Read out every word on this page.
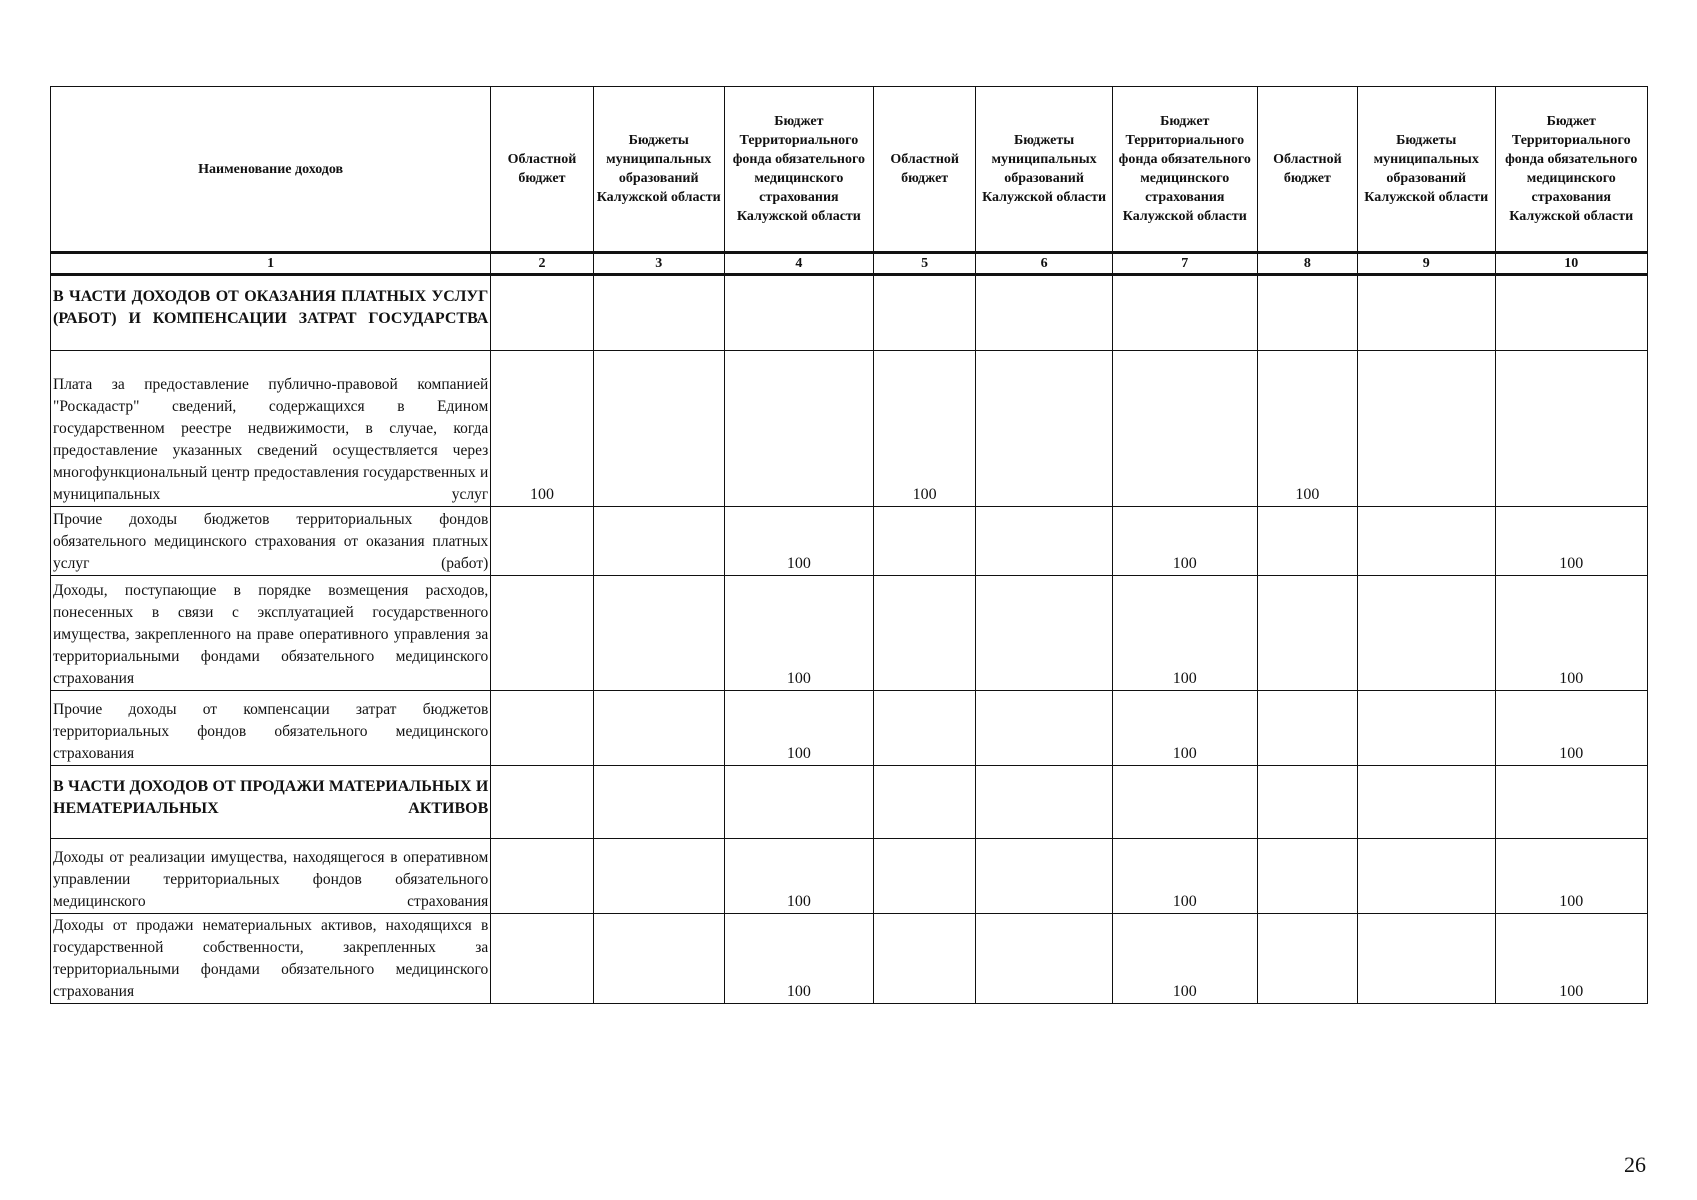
Наименование доходов	Областной бюджет	Бюджеты муниципальных образований Калужской области	Бюджет Территориального фонда обязательного медицинского страхования Калужской области	Областной бюджет	Бюджеты муниципальных образований Калужской области	Бюджет Территориального фонда обязательного медицинского страхования Калужской области	Областной бюджет	Бюджеты муниципальных образований Калужской области	Бюджет Территориального фонда обязательного медицинского страхования Калужской области
1	2	3	4	5	6	7	8	9	10
В ЧАСТИ ДОХОДОВ ОТ ОКАЗАНИЯ ПЛАТНЫХ УСЛУГ (РАБОТ) И КОМПЕНСАЦИИ ЗАТРАТ ГОСУДАРСТВА									
Плата за предоставление публично-правовой компанией "Роскадастр" сведений, содержащихся в Едином государственном реестре недвижимости, в случае, когда предоставление указанных сведений осуществляется через многофункциональный центр предоставления государственных и муниципальных услуг	100			100			100		
Прочие доходы бюджетов территориальных фондов обязательного медицинского страхования от оказания платных услуг (работ)			100			100			100
Доходы, поступающие в порядке возмещения расходов, понесенных в связи с эксплуатацией государственного имущества, закрепленного на праве оперативного управления за территориальными фондами обязательного медицинского страхования			100			100			100
Прочие доходы от компенсации затрат бюджетов территориальных фондов обязательного медицинского страхования			100			100			100
В ЧАСТИ ДОХОДОВ ОТ ПРОДАЖИ МАТЕРИАЛЬНЫХ И НЕМАТЕРИАЛЬНЫХ АКТИВОВ									
Доходы от реализации имущества, находящегося в оперативном управлении территориальных фондов обязательного медицинского страхования			100			100			100
Доходы от продажи нематериальных активов, находящихся в государственной собственности, закрепленных за территориальными фондами обязательного медицинского страхования			100			100			100
26
